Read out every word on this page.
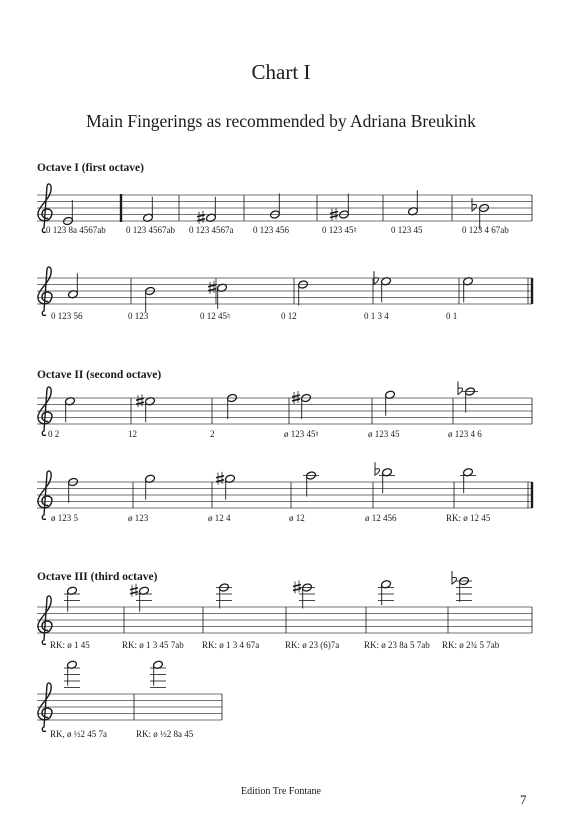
Chart I
Main Fingerings as recommended by Adriana Breukink
Octave I (first octave)
Octave II (second octave)
Octave III (third octave)
0 123 8a 4567ab 0 123 4567ab 0 123 4567a 0 123 456	0 123 45♮	0 123 45	0 123 4 67ab
0 123 56	0 123	0 12 45♮	0 12	0 1 3 4	0 1
0 2	12	2	ø 123 45♮	ø 123 45	ø 123 4 6
ø 123 5	ø 123	ø 12 4	ø 12	ø 12 456	RK: ø 12 45
RK: ø 1 45	RK: ø 1 3 45 7ab RK: ø 1 3 4 67a	RK: ø 23 (6)7a	RK: ø 23 8a 5 7ab RK: ø 2¾ 5 7ab
RK, ø ½2 45 7a	RK: ø ½2 8a 45
Edition Tre Fontane
7
